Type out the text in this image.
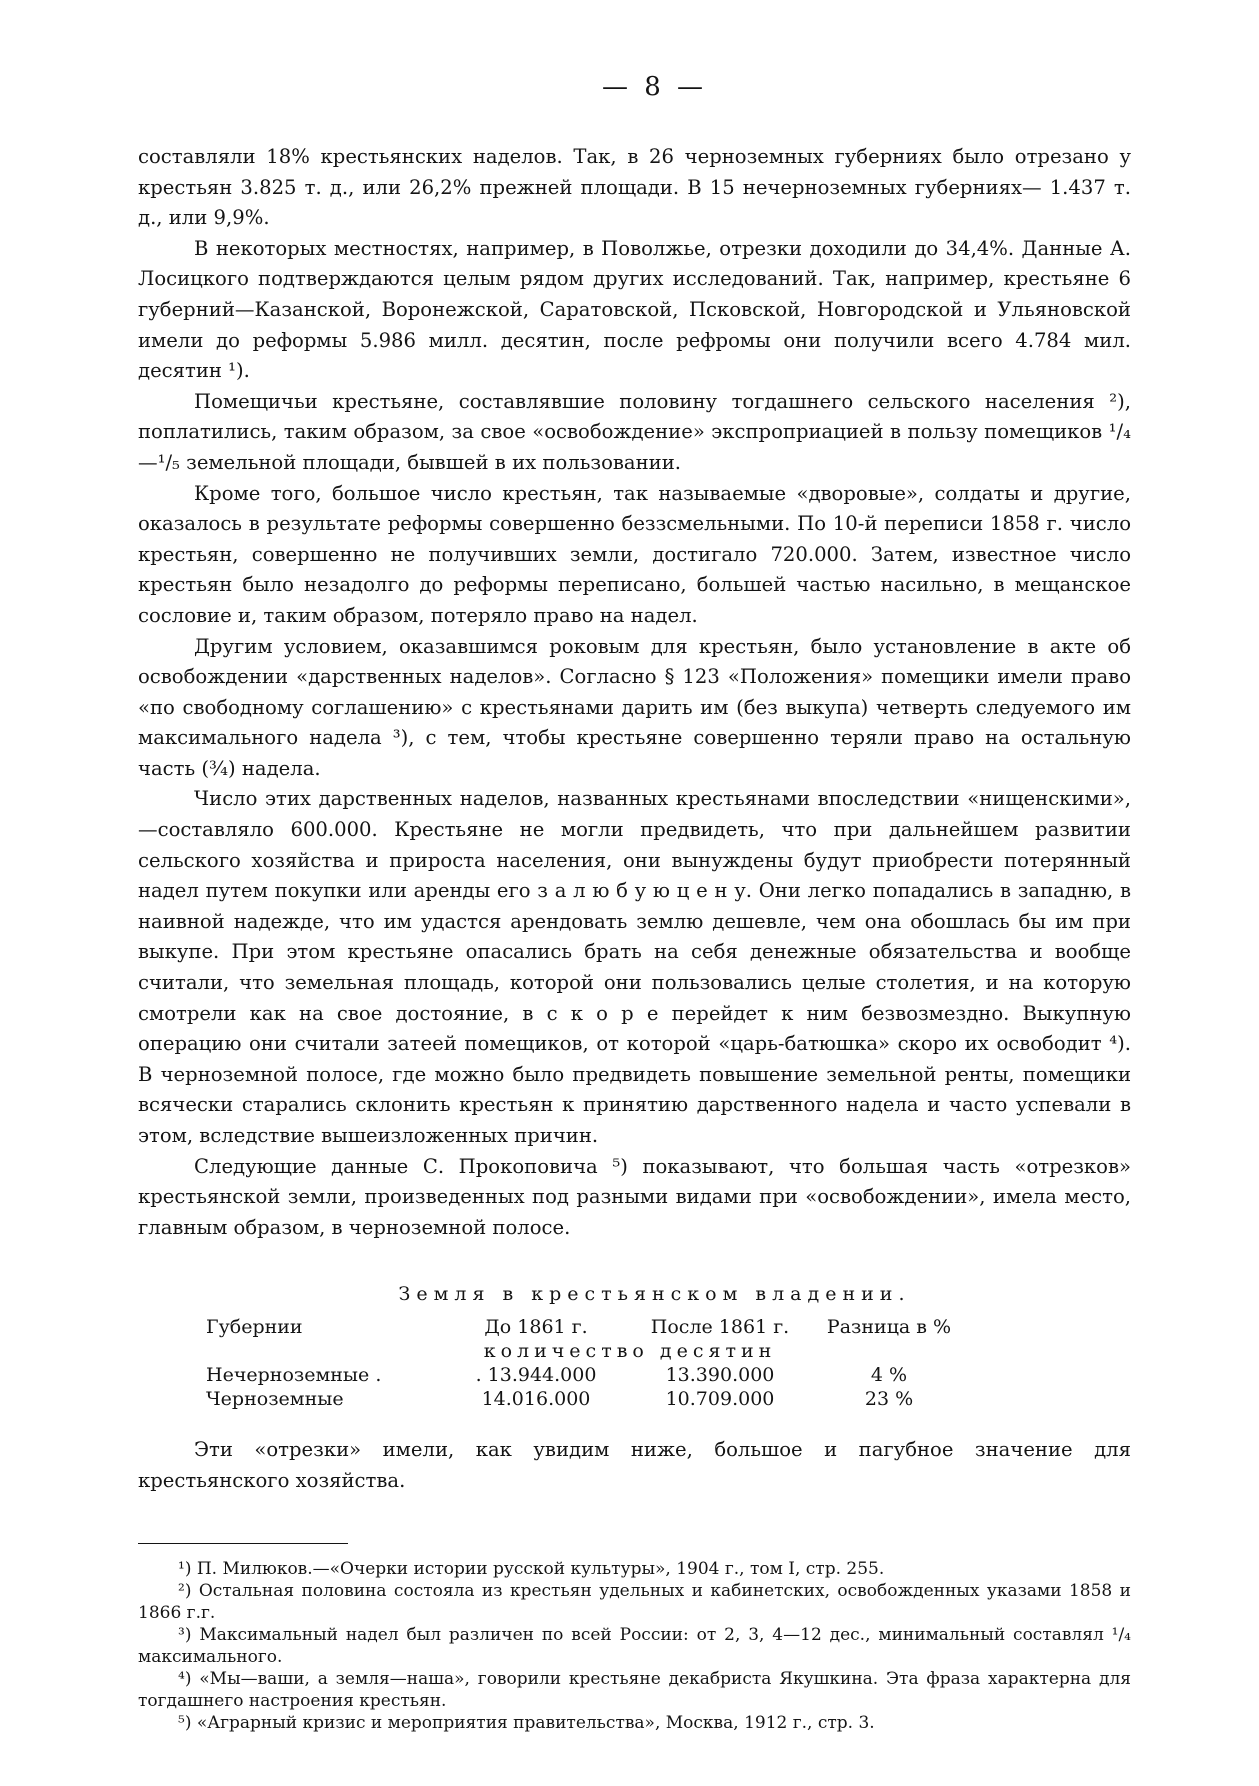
— 8 —

составляли 18% крестьянских наделов. Так, в 26 черноземных губерниях было отрезано у крестьян 3.825 т. д., или 26,2% прежней площади. В 15 нечерноземных губерниях— 1.437 т. д., или 9,9%.

В некоторых местностях, например, в Поволжье, отрезки доходили до 34,4%. Данные А. Лосицкого подтверждаются целым рядом других исследований. Так, например, крестьяне 6 губерний—Казанской, Воронежской, Саратовской, Псковской, Новгородской и Ульяновской имели до реформы 5.986 милл. десятин, после рефромы они получили всего 4.784 мил. десятин ¹).

Помещичьи крестьяне, составлявшие половину тогдашнего сельского населения ²), поплатились, таким образом, за свое «освобождение» экспроприацией в пользу помещиков ¹/₄—¹/₅ земельной площади, бывшей в их пользовании.

Кроме того, большое число крестьян, так называемые «дворовые», солдаты и другие, оказалось в результате реформы совершенно беззсмельными. По 10-й переписи 1858 г. число крестьян, совершенно не получивших земли, достигало 720.000. Затем, известное число крестьян было незадолго до реформы переписано, большей частью насильно, в мещанское сословие и, таким образом, потеряло право на надел.

Другим условием, оказавшимся роковым для крестьян, было установление в акте об освобождении «дарственных наделов». Согласно § 123 «Положения» помещики имели право «по свободному соглашению» с крестьянами дарить им (без выкупа) четверть следуемого им максимального надела ³), с тем, чтобы крестьяне совершенно теряли право на остальную часть (¾) надела.

Число этих дарственных наделов, названных крестьянами впоследствии «нищенскими»,—составляло 600.000. Крестьяне не могли предвидеть, что при дальнейшем развитии сельского хозяйства и прироста населения, они вынуждены будут приобрести потерянный надел путем покупки или аренды его з а л ю б у ю ц е н у. Они легко попадались в западню, в наивной надежде, что им удастся арендовать землю дешевле, чем она обошлась бы им при выкупе. При этом крестьяне опасались брать на себя денежные обязательства и вообще считали, что земельная площадь, которой они пользовались целые столетия, и на которую смотрели как на свое достояние, в с к о р е перейдет к ним безвозмездно. Выкупную операцию они считали затеей помещиков, от которой «царь-батюшка» скоро их освободит ⁴). В черноземной полосе, где можно было предвидеть повышение земельной ренты, помещики всячески старались склонить крестьян к принятию дарственного надела и часто успевали в этом, вследствие вышеизложенных причин.

Следующие данные С. Прокоповича ⁵) показывают, что большая часть «отрезков» крестьянской земли, произведенных под разными видами при «освобождении», имела место, главным образом, в черноземной полосе.

Земля в крестьянском владении.
Губернии	До 1861 г.	После 1861 г.	Разница в %
	количество десятин		
Нечерноземные .	. 13.944.000	13.390.000	4 %
Черноземные	14.016.000	10.709.000	23 %

Эти «отрезки» имели, как увидим ниже, большое и пагубное значение для крестьянского хозяйства.

¹) П. Милюков.—«Очерки истории русской культуры», 1904 г., том I, стр. 255.

²) Остальная половина состояла из крестьян удельных и кабинетских, освобожденных указами 1858 и 1866 г.г.

³) Максимальный надел был различен по всей России: от 2, 3, 4—12 дес., минимальный составлял ¹/₄ максимального.

⁴) «Мы—ваши, а земля—наша», говорили крестьяне декабриста Якушкина. Эта фраза характерна для тогдашнего настроения крестьян.

⁵) «Аграрный кризис и мероприятия правительства», Москва, 1912 г., стр. 3.
